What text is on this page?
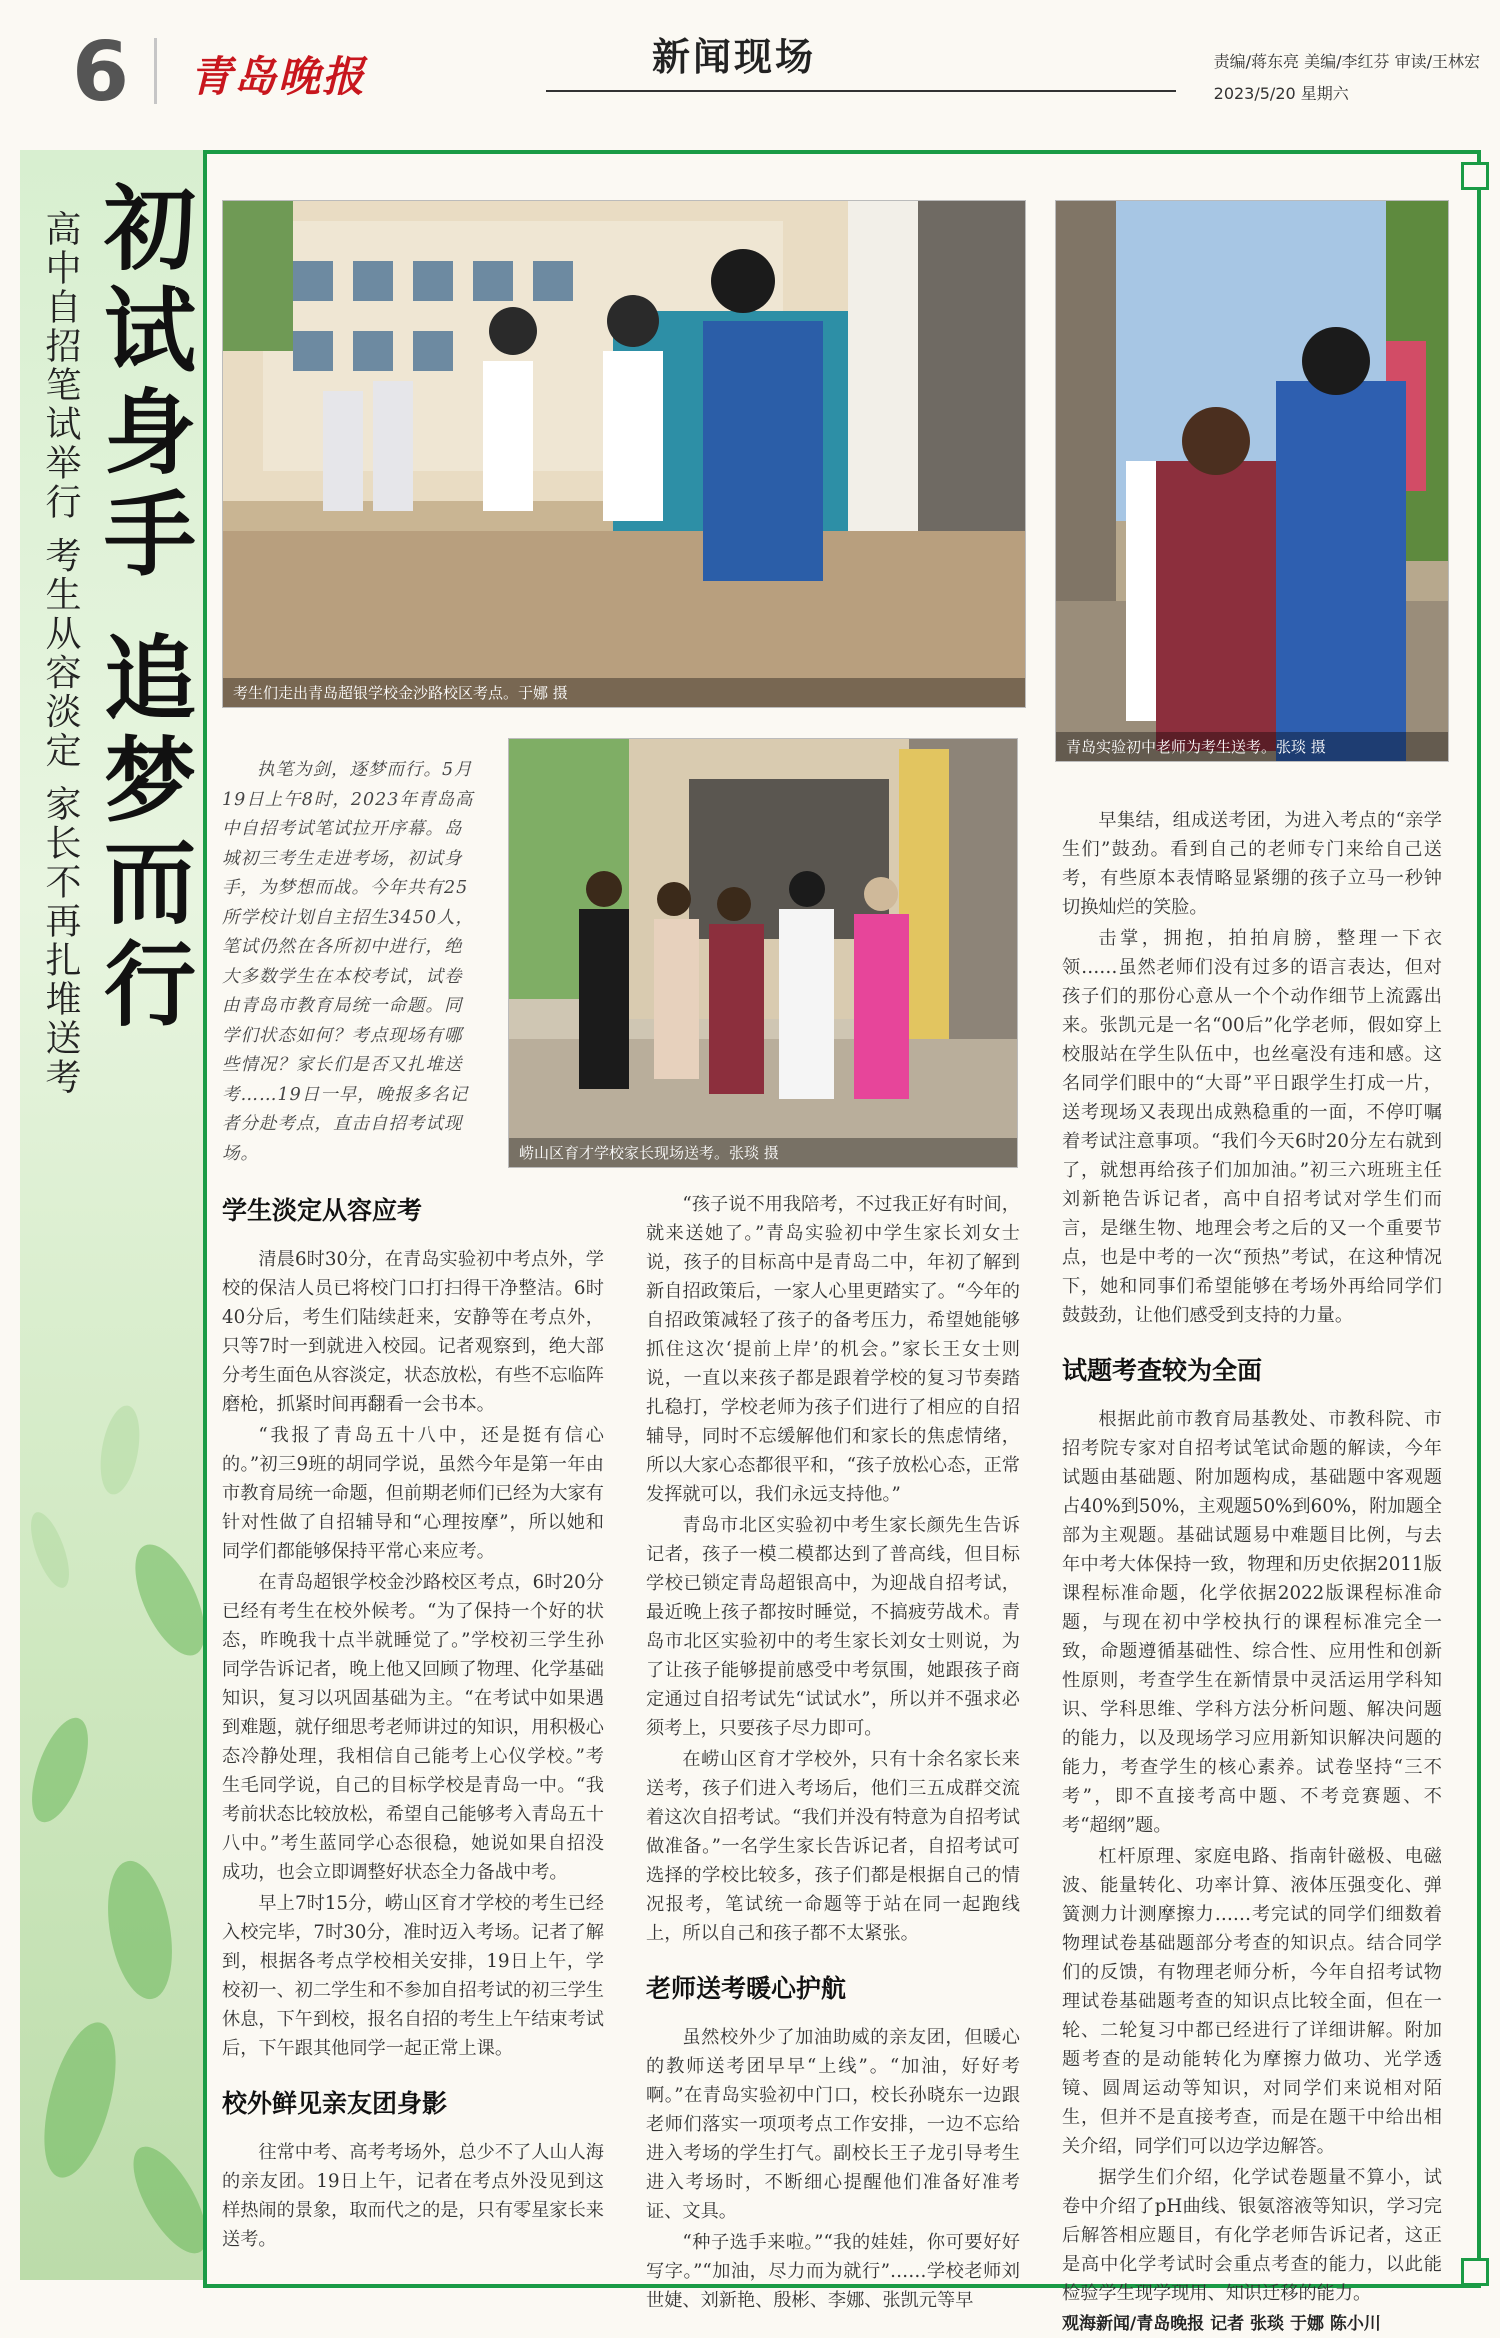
6 青岛晚报	新闻现场	责编/蒋东亮 美编/李红芬 审读/王林宏
2023/5/20 星期六
初试身手 追梦而行
高中自招笔试举行 考生从容淡定 家长不再扎堆送考	考生们走出青岛超银学校金沙路校区考点。于娜 摄
青岛实验初中老师为考生送考。张琰 摄
崂山区育才学校家长现场送考。张琰 摄

执笔为剑，逐梦而行。5月19日上午8时，2023年青岛高中自招考试笔试拉开序幕。岛城初三考生走进考场，初试身手，为梦想而战。今年共有25所学校计划自主招生3450人，笔试仍然在各所初中进行，绝大多数学生在本校考试，试卷由青岛市教育局统一命题。同学们状态如何？考点现场有哪些情况？家长们是否又扎堆送考……19日一早，晚报多名记者分赴考点，直击自招考试现场。

学生淡定从容应考

清晨6时30分，在青岛实验初中考点外，学校的保洁人员已将校门口打扫得干净整洁。6时40分后，考生们陆续赶来，安静等在考点外，只等7时一到就进入校园。记者观察到，绝大部分考生面色从容淡定，状态放松，有些不忘临阵磨枪，抓紧时间再翻看一会书本。

“我报了青岛五十八中，还是挺有信心的。”初三9班的胡同学说，虽然今年是第一年由市教育局统一命题，但前期老师们已经为大家有针对性做了自招辅导和“心理按摩”，所以她和同学们都能够保持平常心来应考。

在青岛超银学校金沙路校区考点，6时20分已经有考生在校外候考。“为了保持一个好的状态，昨晚我十点半就睡觉了。”学校初三学生孙同学告诉记者，晚上他又回顾了物理、化学基础知识，复习以巩固基础为主。“在考试中如果遇到难题，就仔细思考老师讲过的知识，用积极心态冷静处理，我相信自己能考上心仪学校。”考生毛同学说，自己的目标学校是青岛一中。“我考前状态比较放松，希望自己能够考入青岛五十八中。”考生蓝同学心态很稳，她说如果自招没成功，也会立即调整好状态全力备战中考。

早上7时15分，崂山区育才学校的考生已经入校完毕，7时30分，准时迈入考场。记者了解到，根据各考点学校相关安排，19日上午，学校初一、初二学生和不参加自招考试的初三学生休息，下午到校，报名自招的考生上午结束考试后，下午跟其他同学一起正常上课。

校外鲜见亲友团身影

往常中考、高考考场外，总少不了人山人海的亲友团。19日上午，记者在考点外没见到这样热闹的景象，取而代之的是，只有零星家长来送考。

“孩子说不用我陪考，不过我正好有时间，就来送她了。”青岛实验初中学生家长刘女士说，孩子的目标高中是青岛二中，年初了解到新自招政策后，一家人心里更踏实了。“今年的自招政策减轻了孩子的备考压力，希望她能够抓住这次‘提前上岸’的机会。”家长王女士则说，一直以来孩子都是跟着学校的复习节奏踏扎稳打，学校老师为孩子们进行了相应的自招辅导，同时不忘缓解他们和家长的焦虑情绪，所以大家心态都很平和，“孩子放松心态，正常发挥就可以，我们永远支持他。”

青岛市北区实验初中考生家长颜先生告诉记者，孩子一模二模都达到了普高线，但目标学校已锁定青岛超银高中，为迎战自招考试，最近晚上孩子都按时睡觉，不搞疲劳战术。青岛市北区实验初中的考生家长刘女士则说，为了让孩子能够提前感受中考氛围，她跟孩子商定通过自招考试先“试试水”，所以并不强求必须考上，只要孩子尽力即可。

在崂山区育才学校外，只有十余名家长来送考，孩子们进入考场后，他们三五成群交流着这次自招考试。“我们并没有特意为自招考试做准备。”一名学生家长告诉记者，自招考试可选择的学校比较多，孩子们都是根据自己的情况报考，笔试统一命题等于站在同一起跑线上，所以自己和孩子都不太紧张。

老师送考暖心护航

虽然校外少了加油助威的亲友团，但暖心的教师送考团早早“上线”。“加油，好好考啊。”在青岛实验初中门口，校长孙晓东一边跟老师们落实一项项考点工作安排，一边不忘给进入考场的学生打气。副校长王子龙引导考生进入考场时，不断细心提醒他们准备好准考证、文具。

“种子选手来啦。”“我的娃娃，你可要好好写字。”“加油，尽力而为就行”……学校老师刘世婕、刘新艳、殷彬、李娜、张凯元等早

早集结，组成送考团，为进入考点的“亲学生们”鼓劲。看到自己的老师专门来给自己送考，有些原本表情略显紧绷的孩子立马一秒钟切换灿烂的笑脸。

击掌，拥抱，拍拍肩膀，整理一下衣领……虽然老师们没有过多的语言表达，但对孩子们的那份心意从一个个动作细节上流露出来。张凯元是一名“00后”化学老师，假如穿上校服站在学生队伍中，也丝毫没有违和感。这名同学们眼中的“大哥”平日跟学生打成一片，送考现场又表现出成熟稳重的一面，不停叮嘱着考试注意事项。“我们今天6时20分左右就到了，就想再给孩子们加加油。”初三六班班主任刘新艳告诉记者，高中自招考试对学生们而言，是继生物、地理会考之后的又一个重要节点，也是中考的一次“预热”考试，在这种情况下，她和同事们希望能够在考场外再给同学们鼓鼓劲，让他们感受到支持的力量。

试题考查较为全面

根据此前市教育局基教处、市教科院、市招考院专家对自招考试笔试命题的解读，今年试题由基础题、附加题构成，基础题中客观题占40%到50%，主观题50%到60%，附加题全部为主观题。基础试题易中难题目比例，与去年中考大体保持一致，物理和历史依据2011版课程标准命题，化学依据2022版课程标准命题，与现在初中学校执行的课程标准完全一致，命题遵循基础性、综合性、应用性和创新性原则，考查学生在新情景中灵活运用学科知识、学科思维、学科方法分析问题、解决问题的能力，以及现场学习应用新知识解决问题的能力，考查学生的核心素养。试卷坚持“三不考”，即不直接考高中题、不考竞赛题、不考“超纲”题。

杠杆原理、家庭电路、指南针磁极、电磁波、能量转化、功率计算、液体压强变化、弹簧测力计测摩擦力……考完试的同学们细数着物理试卷基础题部分考查的知识点。结合同学们的反馈，有物理老师分析，今年自招考试物理试卷基础题考查的知识点比较全面，但在一轮、二轮复习中都已经进行了详细讲解。附加题考查的是动能转化为摩擦力做功、光学透镜、圆周运动等知识，对同学们来说相对陌生，但并不是直接考查，而是在题干中给出相关介绍，同学们可以边学边解答。

据学生们介绍，化学试卷题量不算小，试卷中介绍了pH曲线、银氨溶液等知识，学习完后解答相应题目，有化学老师告诉记者，这正是高中化学考试时会重点考查的能力，以此能检验学生现学现用、知识迁移的能力。

观海新闻/青岛晚报 记者 张琰 于娜 陈小川
